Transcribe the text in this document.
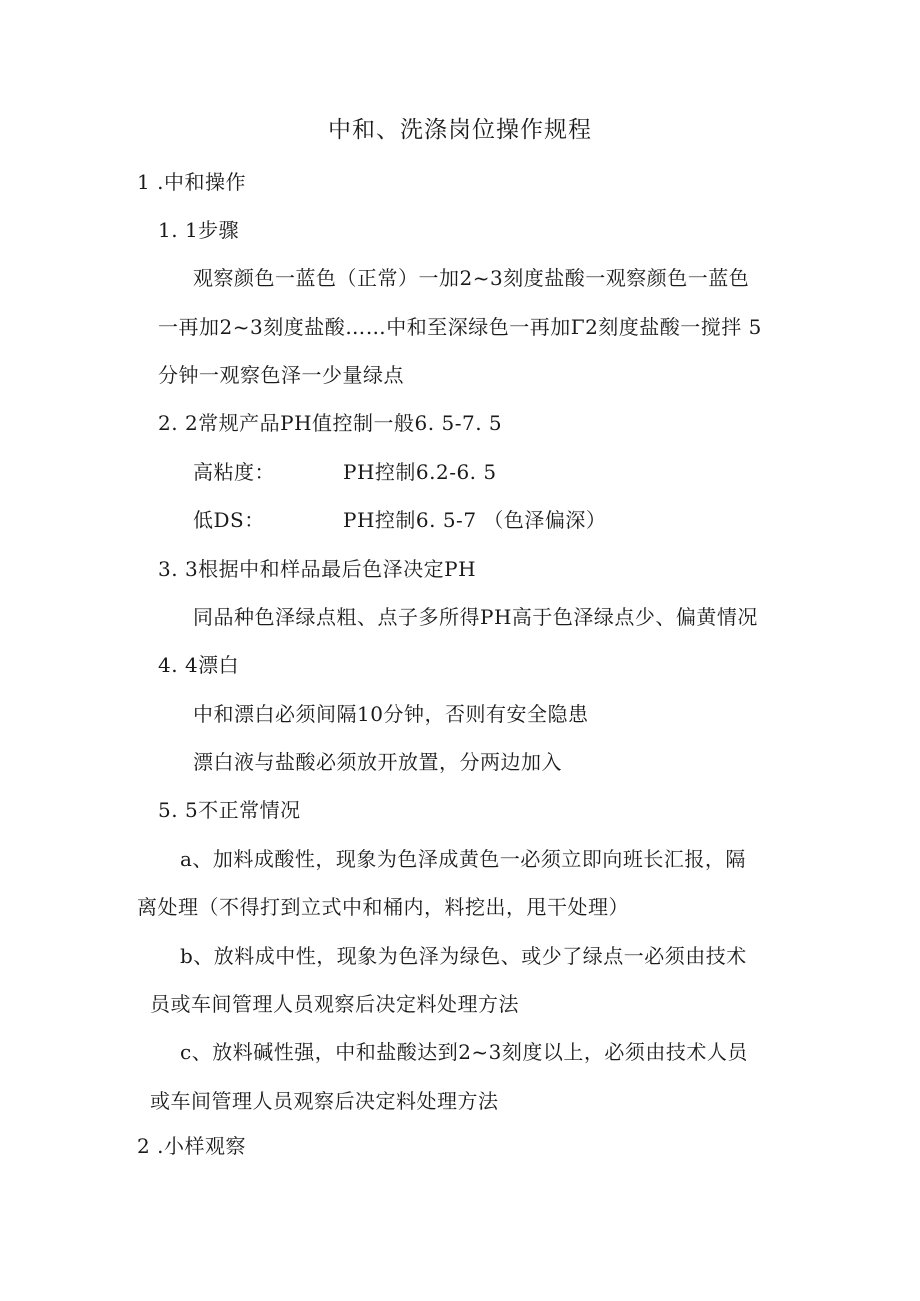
中和、洗涤岗位操作规程
1 .中和操作
1. 1步骤
观察颜色一蓝色（正常）一加2~3刻度盐酸一观察颜色一蓝色
一再加2~3刻度盐酸……中和至深绿色一再加Γ2刻度盐酸一搅拌 5
分钟一观察色泽一少量绿点
2. 2常规产品PH值控制一般6. 5-7. 5
高粘度：	PH控制6.2-6. 5
低DS：	PH控制6. 5-7 （色泽偏深）
3. 3根据中和样品最后色泽决定PH
同品种色泽绿点粗、点子多所得PH高于色泽绿点少、偏黄情况
4. 4漂白
中和漂白必须间隔10分钟，否则有安全隐患
漂白液与盐酸必须放开放置，分两边加入
5. 5不正常情况
a、加料成酸性，现象为色泽成黄色一必须立即向班长汇报，隔
离处理（不得打到立式中和桶内，料挖出，甩干处理）
b、放料成中性，现象为色泽为绿色、或少了绿点一必须由技术
员或车间管理人员观察后决定料处理方法
c、放料碱性强，中和盐酸达到2~3刻度以上，必须由技术人员
或车间管理人员观察后决定料处理方法
2 .小样观察
